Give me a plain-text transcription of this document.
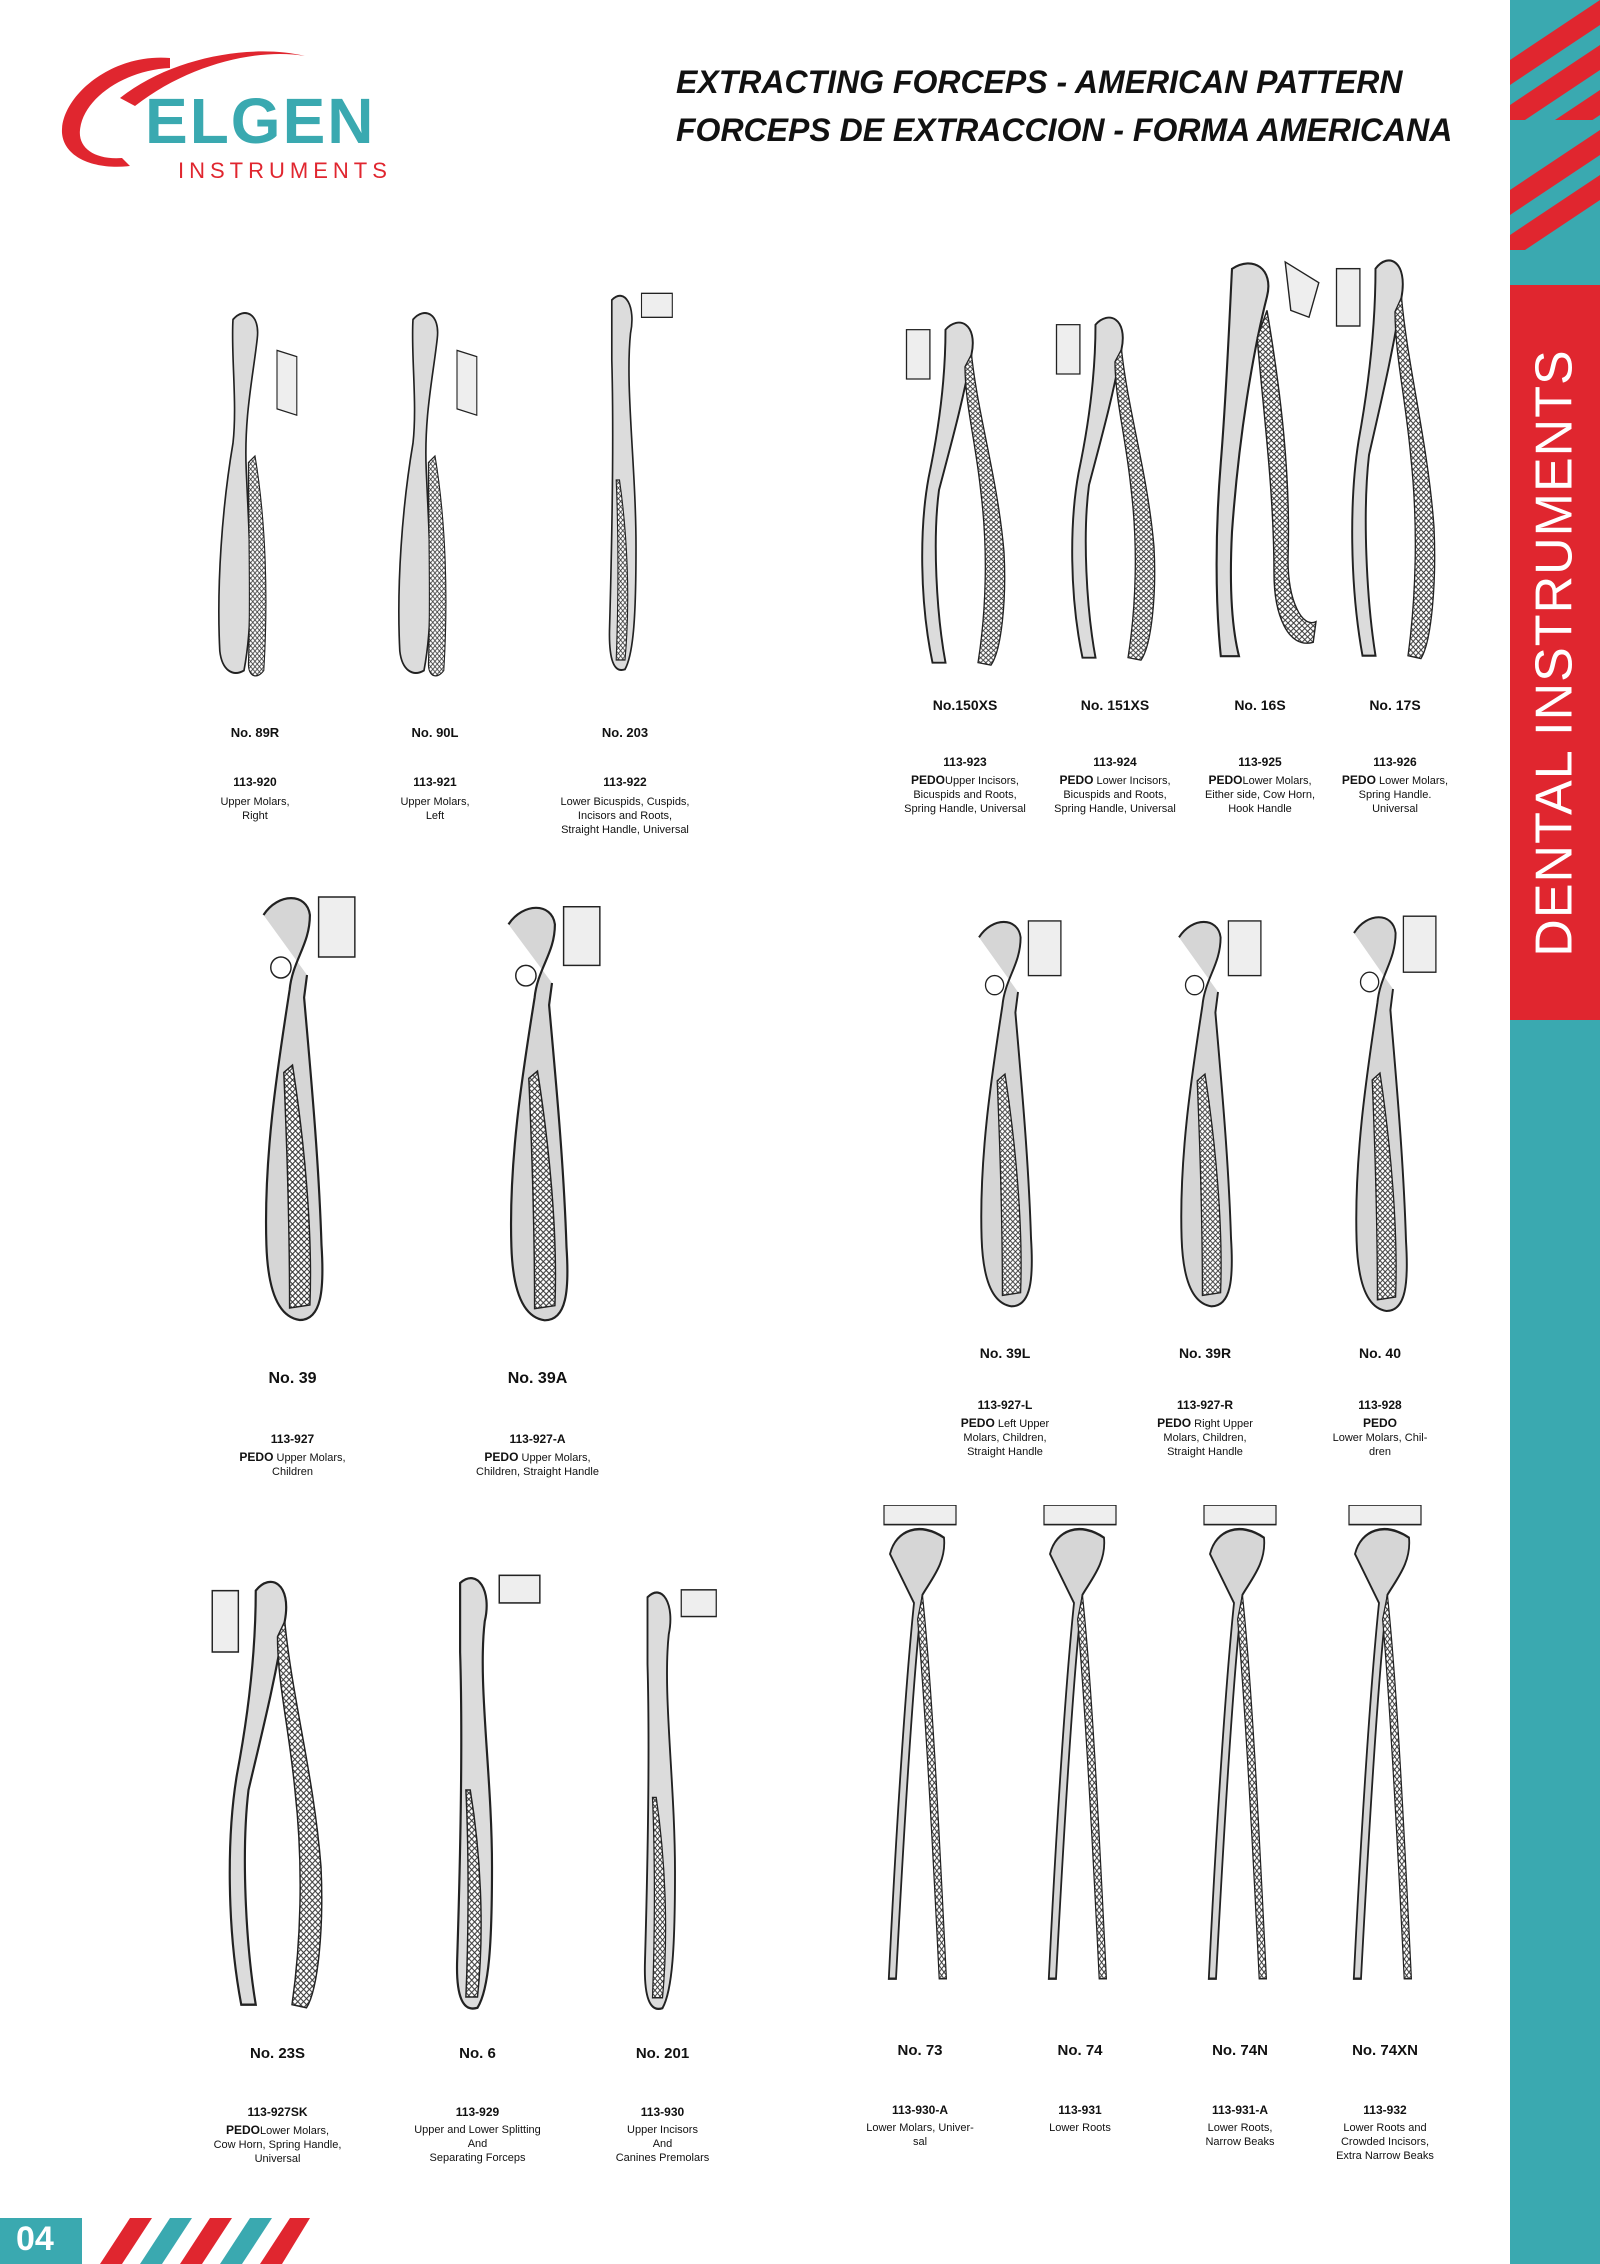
DENTAL INSTRUMENTS
ELGEN
INSTRUMENTS
EXTRACTING FORCEPS - AMERICAN PATTERN
FORCEPS DE EXTRACCION - FORMA AMERICANA
No. 89R
113-920
Upper Molars,
Right
No. 90L
113-921
Upper Molars,
Left
No. 203
113-922
Lower Bicuspids, Cuspids,
Incisors and Roots,
Straight Handle, Universal
No.150XS
113-923
PEDOUpper Incisors,
Bicuspids and Roots,
Spring Handle, Universal
No. 151XS
113-924
PEDO Lower Incisors,
Bicuspids and Roots,
Spring Handle, Universal
No. 16S
113-925
PEDOLower Molars,
Either side, Cow Horn,
Hook Handle
No. 17S
113-926
PEDO Lower Molars,
Spring Handle.
Universal
No. 39
113-927
PEDO Upper Molars,
Children
No. 39A
113-927-A
PEDO Upper Molars,
Children, Straight Handle
No. 39L
113-927-L
PEDO Left Upper
Molars, Children,
Straight Handle
No. 39R
113-927-R
PEDO Right Upper
Molars, Children,
Straight Handle
No. 40
113-928
PEDO
Lower Molars, Chil-
dren
No. 23S
113-927SK
PEDOLower Molars,
Cow Horn, Spring Handle,
Universal
No. 6
113-929
Upper and Lower Splitting
And
Separating Forceps
No. 201
113-930
Upper Incisors
And
Canines Premolars
No. 73
113-930-A
Lower Molars, Univer-
sal
No. 74
113-931
Lower Roots
No. 74N
113-931-A
Lower Roots,
Narrow Beaks
No. 74XN
113-932
Lower Roots and
Crowded Incisors,
Extra Narrow Beaks
04
